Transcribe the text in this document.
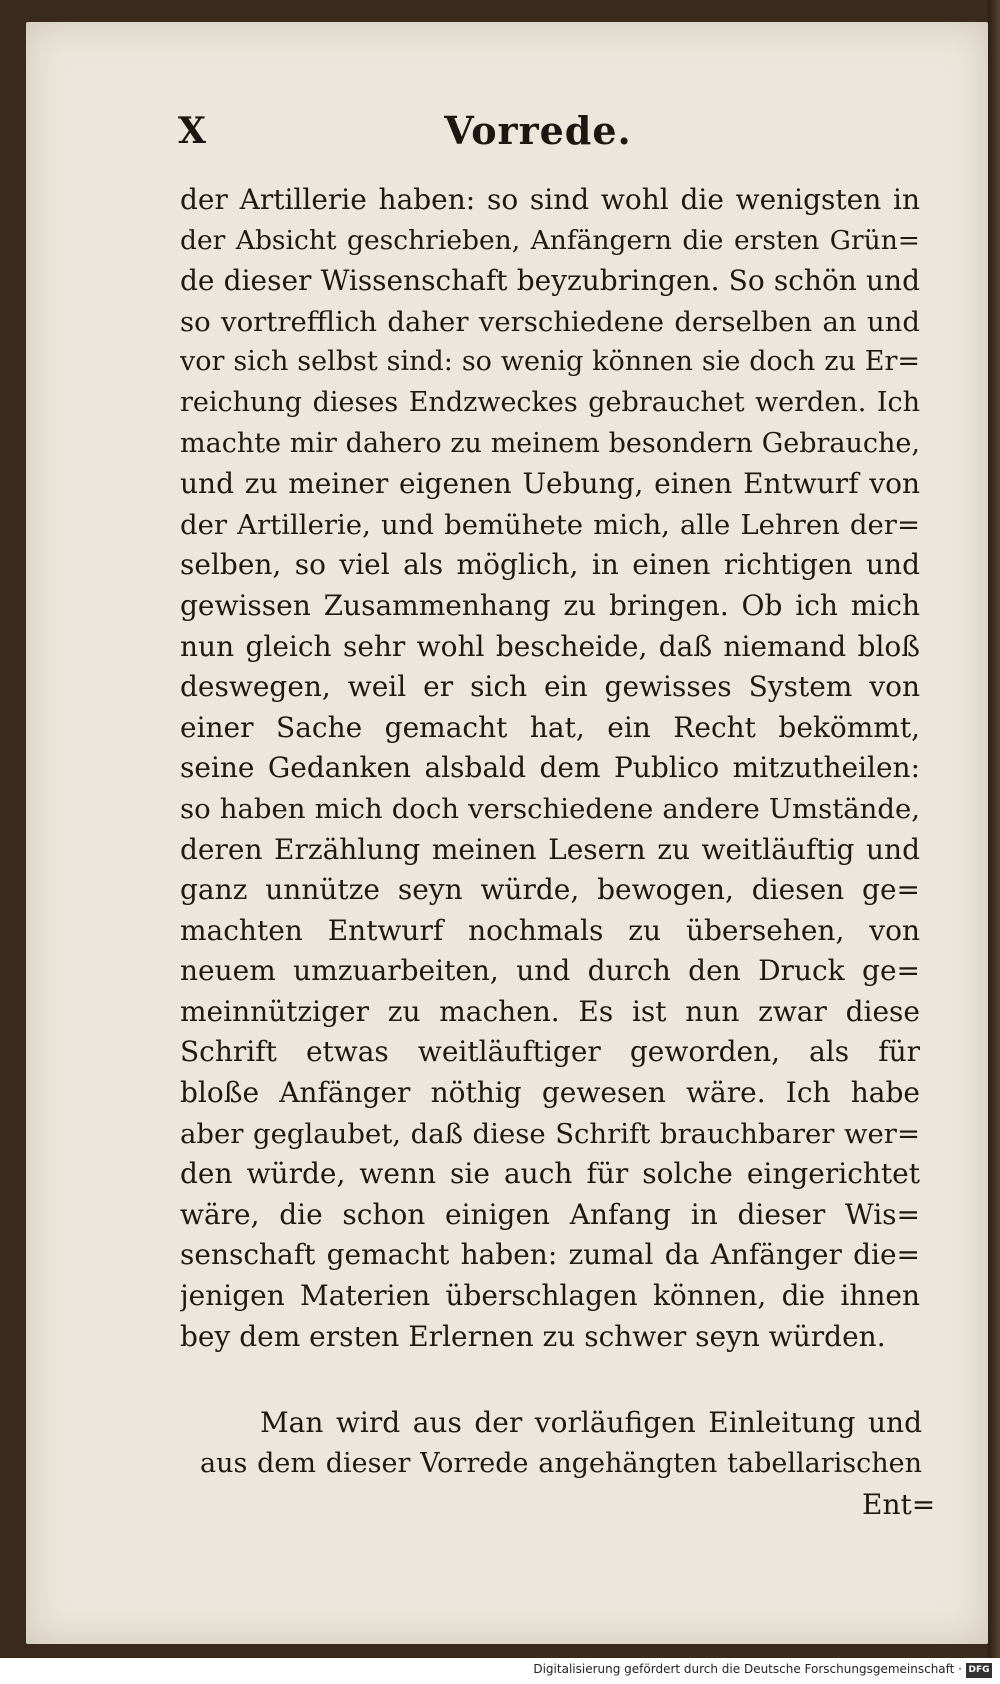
X	Vorrede.
der Artillerie haben: so sind wohl die wenigsten in
der Absicht geschrieben, Anfängern die ersten Grün=
de dieser Wissenschaft beyzubringen. So schön und
so vortrefflich daher verschiedene derselben an und
vor sich selbst sind: so wenig können sie doch zu Er=
reichung dieses Endzweckes gebrauchet werden. Ich
machte mir dahero zu meinem besondern Gebrauche,
und zu meiner eigenen Uebung, einen Entwurf von
der Artillerie, und bemühete mich, alle Lehren der=
selben, so viel als möglich, in einen richtigen und
gewissen Zusammenhang zu bringen. Ob ich mich
nun gleich sehr wohl bescheide, daß niemand bloß
deswegen, weil er sich ein gewisses System von
einer Sache gemacht hat, ein Recht bekömmt,
seine Gedanken alsbald dem Publico mitzutheilen:
so haben mich doch verschiedene andere Umstände,
deren Erzählung meinen Lesern zu weitläuftig und
ganz unnütze seyn würde, bewogen, diesen ge=
machten Entwurf nochmals zu übersehen, von
neuem umzuarbeiten, und durch den Druck ge=
meinnütziger zu machen. Es ist nun zwar diese
Schrift etwas weitläuftiger geworden, als für
bloße Anfänger nöthig gewesen wäre. Ich habe
aber geglaubet, daß diese Schrift brauchbarer wer=
den würde, wenn sie auch für solche eingerichtet
wäre, die schon einigen Anfang in dieser Wis=
senschaft gemacht haben: zumal da Anfänger die=
jenigen Materien überschlagen können, die ihnen
bey dem ersten Erlernen zu schwer seyn würden.
Man wird aus der vorläufigen Einleitung und
aus dem dieser Vorrede angehängten tabellarischen
Ent=
Digitalisierung gefördert durch die Deutsche Forschungsgemeinschaft · DFG
